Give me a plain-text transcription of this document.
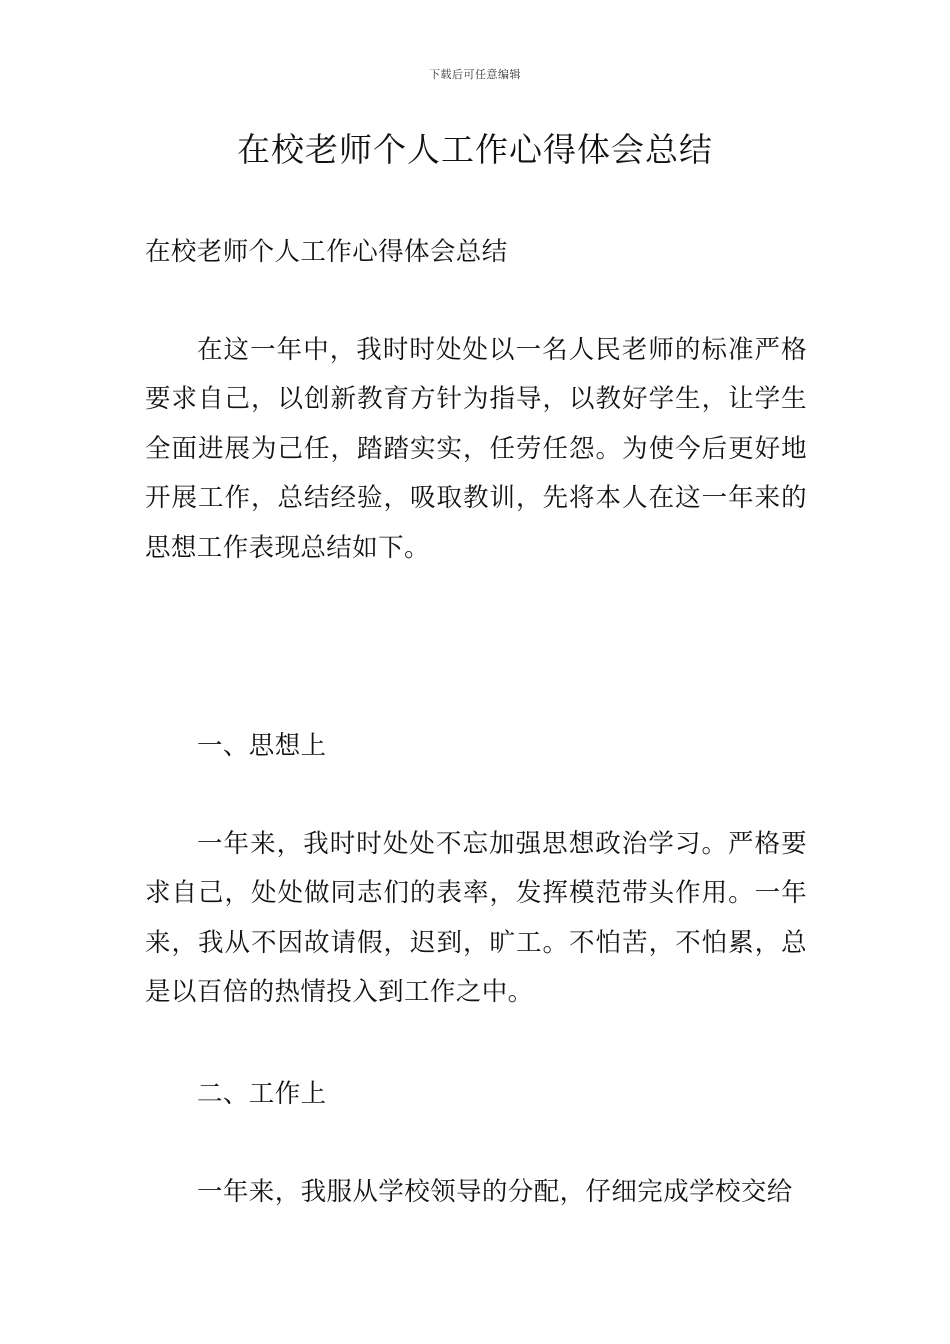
下载后可任意编辑
在校老师个人工作心得体会总结

在校老师个人工作心得体会总结

在这一年中，我时时处处以一名人民老师的标准严格要求自己，以创新教育方针为指导，以教好学生，让学生全面进展为己任，踏踏实实，任劳任怨。为使今后更好地开展工作，总结经验，吸取教训，先将本人在这一年来的思想工作表现总结如下。

一、思想上

一年来，我时时处处不忘加强思想政治学习。严格要求自己，处处做同志们的表率，发挥模范带头作用。一年来，我从不因故请假，迟到，旷工。不怕苦，不怕累，总是以百倍的热情投入到工作之中。

二、工作上

一年来，我服从学校领导的分配，仔细完成学校交给
